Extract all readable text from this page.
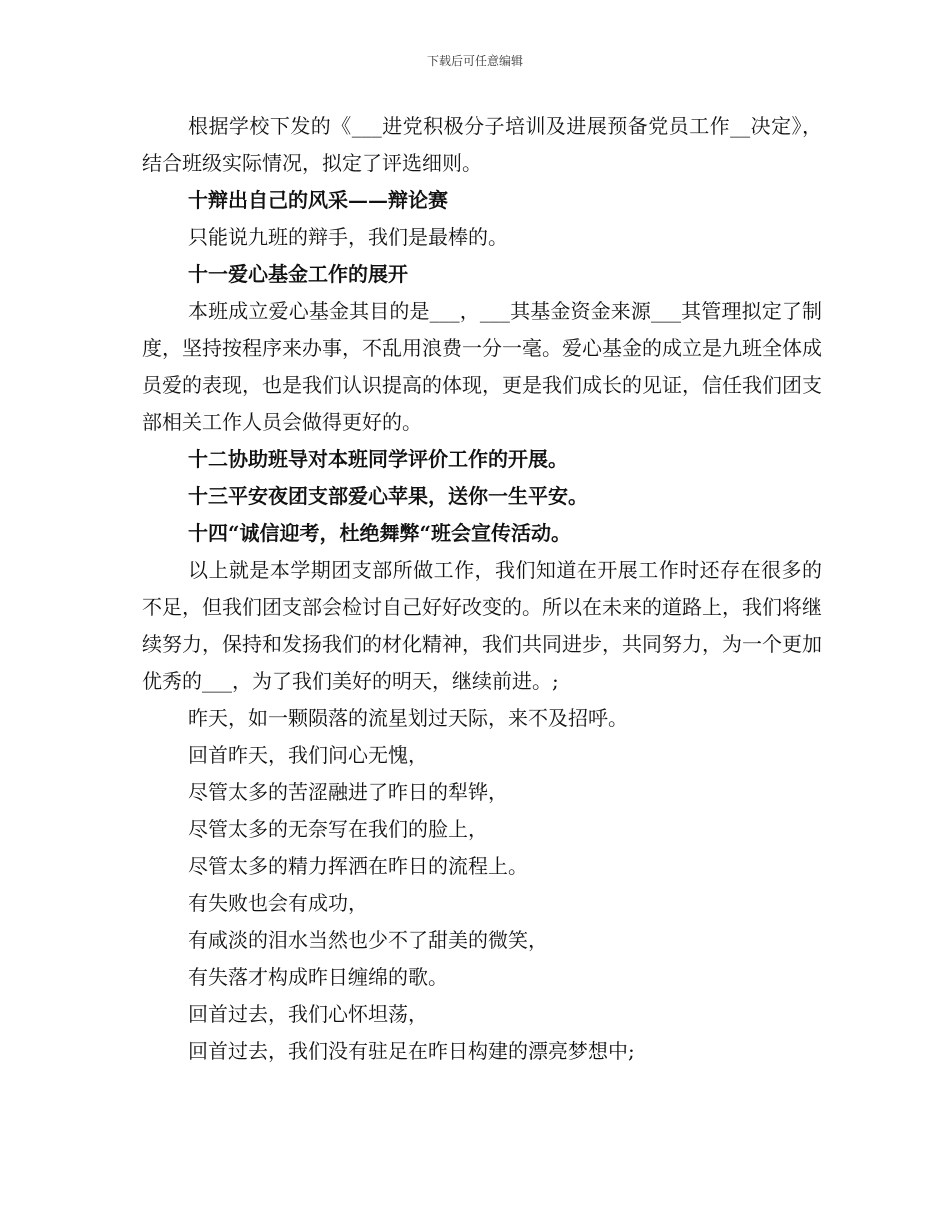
下载后可任意编辑

根据学校下发的《___进党积极分子培训及进展预备党员工作__决定》，结合班级实际情况，拟定了评选细则。

十辩出自己的风采——辩论赛

只能说九班的辩手，我们是最棒的。

十一爱心基金工作的展开

本班成立爱心基金其目的是___，___其基金资金来源___其管理拟定了制度，坚持按程序来办事，不乱用浪费一分一毫。爱心基金的成立是九班全体成员爱的表现，也是我们认识提高的体现，更是我们成长的见证，信任我们团支部相关工作人员会做得更好的。

十二协助班导对本班同学评价工作的开展。

十三平安夜团支部爱心苹果，送你一生平安。

十四“诚信迎考，杜绝舞弊“班会宣传活动。

以上就是本学期团支部所做工作，我们知道在开展工作时还存在很多的不足，但我们团支部会检讨自己好好改变的。所以在未来的道路上，我们将继续努力，保持和发扬我们的材化精神，我们共同进步，共同努力，为一个更加优秀的___，为了我们美好的明天，继续前进。;

昨天，如一颗陨落的流星划过天际，来不及招呼。

回首昨天，我们问心无愧，

尽管太多的苦涩融进了昨日的犁铧，

尽管太多的无奈写在我们的脸上，

尽管太多的精力挥洒在昨日的流程上。

有失败也会有成功，

有咸淡的泪水当然也少不了甜美的微笑，

有失落才构成昨日缠绵的歌。

回首过去，我们心怀坦荡，

回首过去，我们没有驻足在昨日构建的漂亮梦想中;
